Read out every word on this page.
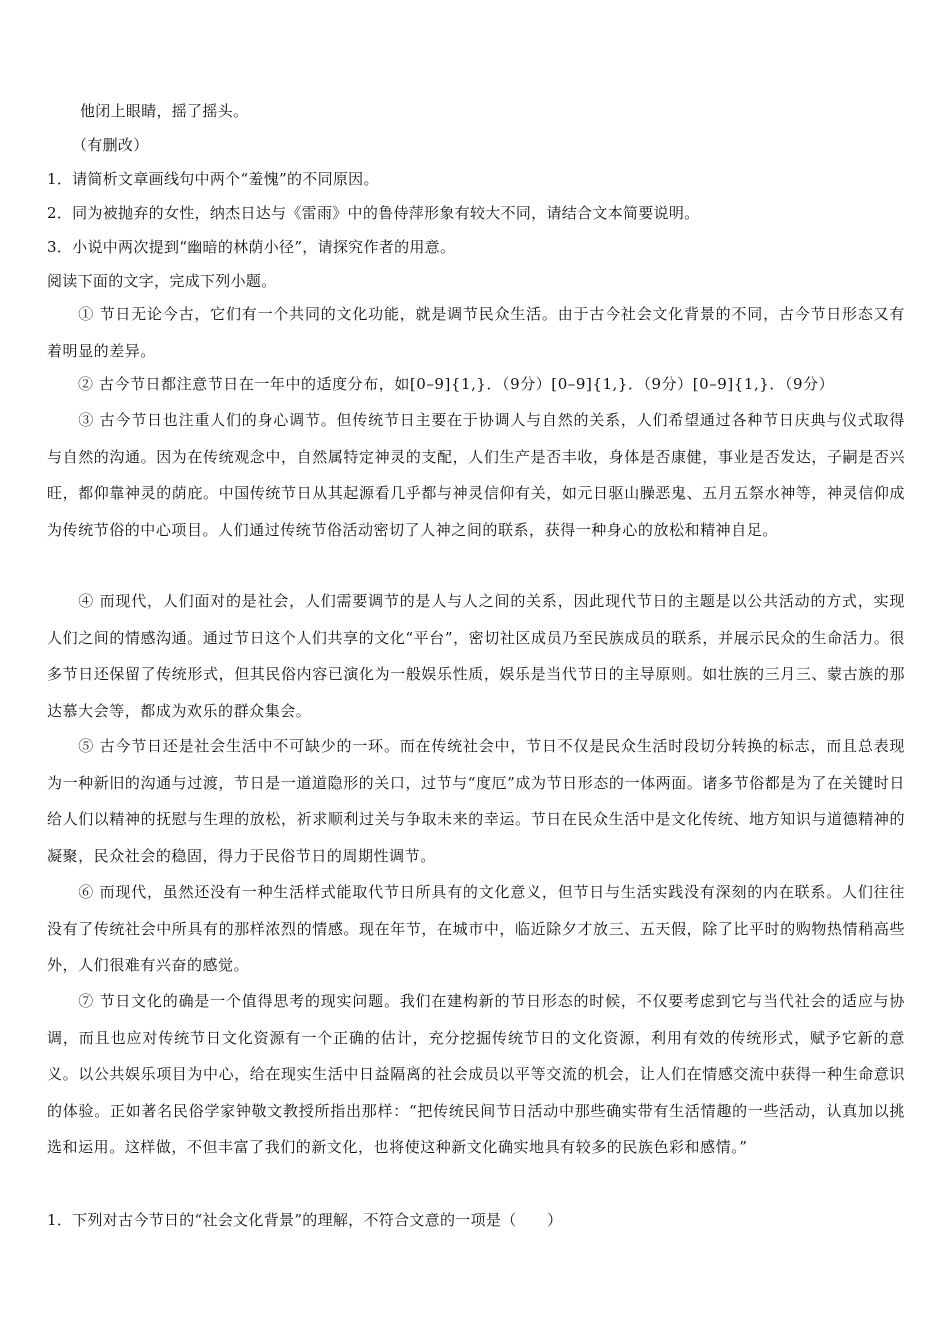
他闭上眼睛，摇了摇头。
（有删改）
1．请简析文章画线句中两个“羞愧”的不同原因。
2．同为被抛弃的女性，纳杰日达与《雷雨》中的鲁侍萍形象有较大不同，请结合文本简要说明。
3．小说中两次提到“幽暗的林荫小径”，请探究作者的用意。
阅读下面的文字，完成下列小题。
① 节日无论今古，它们有一个共同的文化功能，就是调节民众生活。由于古今社会文化背景的不同，古今节日形态又有着明显的差异。
② 古今节日都注意节日在一年中的适度分布，如[0–9]{1,}．（9分）[0–9]{1,}．（9分）[0–9]{1,}．（9分）
③ 古今节日也注重人们的身心调节。但传统节日主要在于协调人与自然的关系，人们希望通过各种节日庆典与仪式取得与自然的沟通。因为在传统观念中，自然属特定神灵的支配，人们生产是否丰收，身体是否康健，事业是否发达，子嗣是否兴旺，都仰靠神灵的荫庇。中国传统节日从其起源看几乎都与神灵信仰有关，如元日驱山臊恶鬼、五月五祭水神等，神灵信仰成为传统节俗的中心项目。人们通过传统节俗活动密切了人神之间的联系，获得一种身心的放松和精神自足。
④ 而现代，人们面对的是社会，人们需要调节的是人与人之间的关系，因此现代节日的主题是以公共活动的方式，实现人们之间的情感沟通。通过节日这个人们共享的文化“平台”，密切社区成员乃至民族成员的联系，并展示民众的生命活力。很多节日还保留了传统形式，但其民俗内容已演化为一般娱乐性质，娱乐是当代节日的主导原则。如壮族的三月三、蒙古族的那达慕大会等，都成为欢乐的群众集会。
⑤ 古今节日还是社会生活中不可缺少的一环。而在传统社会中，节日不仅是民众生活时段切分转换的标志，而且总表现为一种新旧的沟通与过渡，节日是一道道隐形的关口，过节与“度厄”成为节日形态的一体两面。诸多节俗都是为了在关键时日给人们以精神的抚慰与生理的放松，祈求顺利过关与争取未来的幸运。节日在民众生活中是文化传统、地方知识与道德精神的凝聚，民众社会的稳固，得力于民俗节日的周期性调节。
⑥ 而现代，虽然还没有一种生活样式能取代节日所具有的文化意义，但节日与生活实践没有深刻的内在联系。人们往往没有了传统社会中所具有的那样浓烈的情感。现在年节，在城市中，临近除夕才放三、五天假，除了比平时的购物热情稍高些外，人们很难有兴奋的感觉。
⑦ 节日文化的确是一个值得思考的现实问题。我们在建构新的节日形态的时候，不仅要考虑到它与当代社会的适应与协调，而且也应对传统节日文化资源有一个正确的估计，充分挖掘传统节日的文化资源，利用有效的传统形式，赋予它新的意义。以公共娱乐项目为中心，给在现实生活中日益隔离的社会成员以平等交流的机会，让人们在情感交流中获得一种生命意识的体验。正如著名民俗学家钟敬文教授所指出那样：“把传统民间节日活动中那些确实带有生活情趣的一些活动，认真加以挑选和运用。这样做，不但丰富了我们的新文化，也将使这种新文化确实地具有较多的民族色彩和感情。”
1．下列对古今节日的“社会文化背景”的理解，不符合文意的一项是（　　）
